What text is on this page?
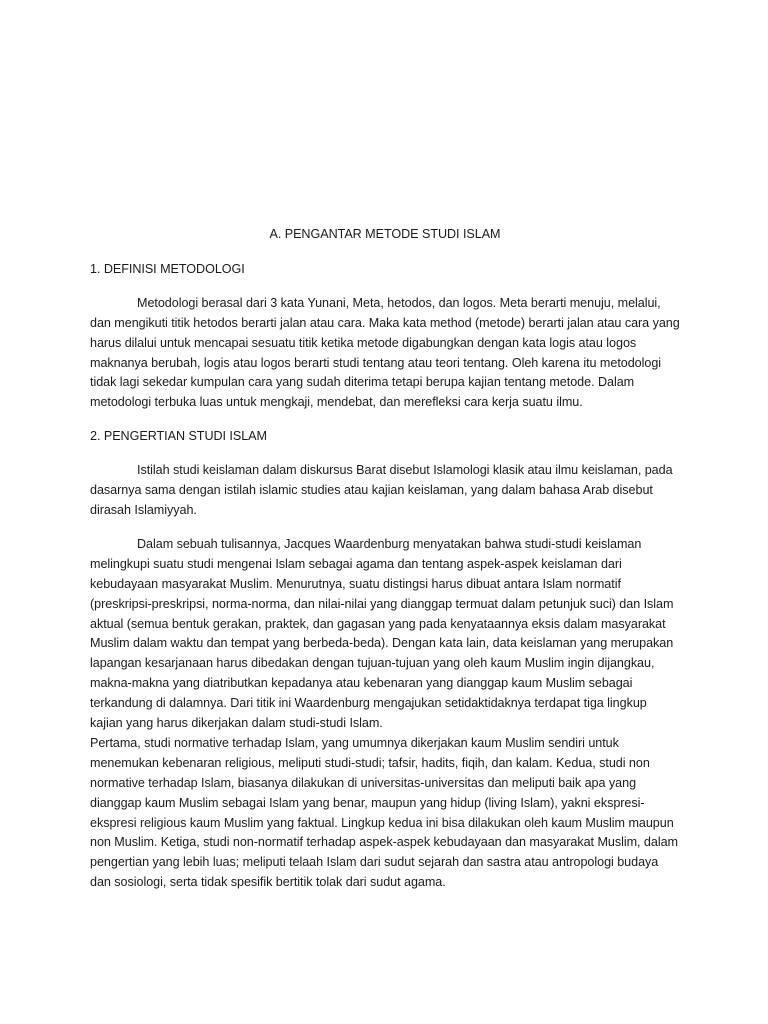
A. PENGANTAR METODE STUDI ISLAM
1. DEFINISI METODOLOGI

Metodologi berasal dari 3 kata Yunani, Meta, hetodos, dan logos. Meta berarti menuju, melalui, dan mengikuti titik hetodos berarti jalan atau cara. Maka kata method (metode) berarti jalan atau cara yang harus dilalui untuk mencapai sesuatu titik ketika metode digabungkan dengan kata logis atau logos maknanya berubah, logis atau logos berarti studi tentang atau teori tentang. Oleh karena itu metodologi tidak lagi sekedar kumpulan cara yang sudah diterima tetapi berupa kajian tentang metode. Dalam metodologi terbuka luas untuk mengkaji, mendebat, dan merefleksi cara kerja suatu ilmu.

2. PENGERTIAN STUDI ISLAM

Istilah studi keislaman dalam diskursus Barat disebut Islamologi klasik atau ilmu keislaman, pada dasarnya sama dengan istilah islamic studies atau kajian keislaman, yang dalam bahasa Arab disebut dirasah Islamiyyah.

Dalam sebuah tulisannya, Jacques Waardenburg menyatakan bahwa studi-studi keislaman melingkupi suatu studi mengenai Islam sebagai agama dan tentang aspek-aspek keislaman dari kebudayaan masyarakat Muslim. Menurutnya, suatu distingsi harus dibuat antara Islam normatif (preskripsi-preskripsi, norma-norma, dan nilai-nilai yang dianggap termuat dalam petunjuk suci) dan Islam aktual (semua bentuk gerakan, praktek, dan gagasan yang pada kenyataannya eksis dalam masyarakat Muslim dalam waktu dan tempat yang berbeda-beda). Dengan kata lain, data keislaman yang merupakan lapangan kesarjanaan harus dibedakan dengan tujuan-tujuan yang oleh kaum Muslim ingin dijangkau, makna-makna yang diatributkan kepadanya atau kebenaran yang dianggap kaum Muslim sebagai terkandung di dalamnya. Dari titik ini Waardenburg mengajukan setidaktidaknya terdapat tiga lingkup kajian yang harus dikerjakan dalam studi-studi Islam.

Pertama, studi normative terhadap Islam, yang umumnya dikerjakan kaum Muslim sendiri untuk menemukan kebenaran religious, meliputi studi-studi; tafsir, hadits, fiqih, dan kalam. Kedua, studi non normative terhadap Islam, biasanya dilakukan di universitas-universitas dan meliputi baik apa yang dianggap kaum Muslim sebagai Islam yang benar, maupun yang hidup (living Islam), yakni ekspresi-ekspresi religious kaum Muslim yang faktual. Lingkup kedua ini bisa dilakukan oleh kaum Muslim maupun non Muslim. Ketiga, studi non-normatif terhadap aspek-aspek kebudayaan dan masyarakat Muslim, dalam pengertian yang lebih luas; meliputi telaah Islam dari sudut sejarah dan sastra atau antropologi budaya dan sosiologi, serta tidak spesifik bertitik tolak dari sudut agama.
